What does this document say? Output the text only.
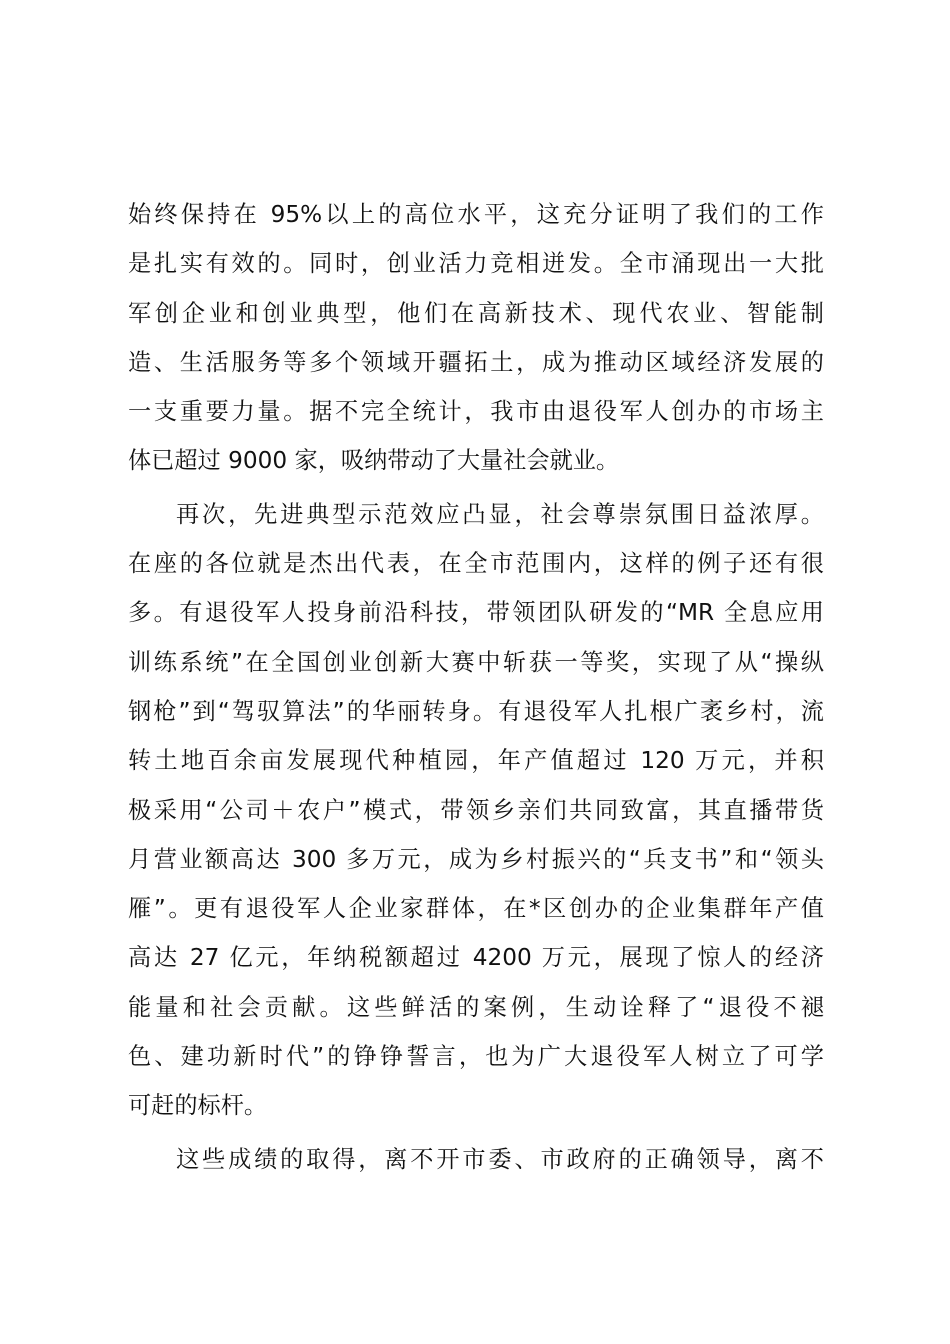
始终保持在 95%以上的高位水平，这充分证明了我们的工作
是扎实有效的。同时，创业活力竞相迸发。全市涌现出一大批
军创企业和创业典型，他们在高新技术、现代农业、智能制
造、生活服务等多个领域开疆拓土，成为推动区域经济发展的
一支重要力量。据不完全统计，我市由退役军人创办的市场主
体已超过 9000 家，吸纳带动了大量社会就业。
再次，先进典型示范效应凸显，社会尊崇氛围日益浓厚。
在座的各位就是杰出代表，在全市范围内，这样的例子还有很
多。有退役军人投身前沿科技，带领团队研发的“MR 全息应用
训练系统”在全国创业创新大赛中斩获一等奖，实现了从“操纵
钢枪”到“驾驭算法”的华丽转身。有退役军人扎根广袤乡村，流
转土地百余亩发展现代种植园，年产值超过 120 万元，并积
极采用“公司＋农户”模式，带领乡亲们共同致富，其直播带货
月营业额高达 300 多万元，成为乡村振兴的“兵支书”和“领头
雁”。更有退役军人企业家群体，在*区创办的企业集群年产值
高达 27 亿元，年纳税额超过 4200 万元，展现了惊人的经济
能量和社会贡献。这些鲜活的案例，生动诠释了“退役不褪
色、建功新时代”的铮铮誓言，也为广大退役军人树立了可学
可赶的标杆。
这些成绩的取得，离不开市委、市政府的正确领导，离不
